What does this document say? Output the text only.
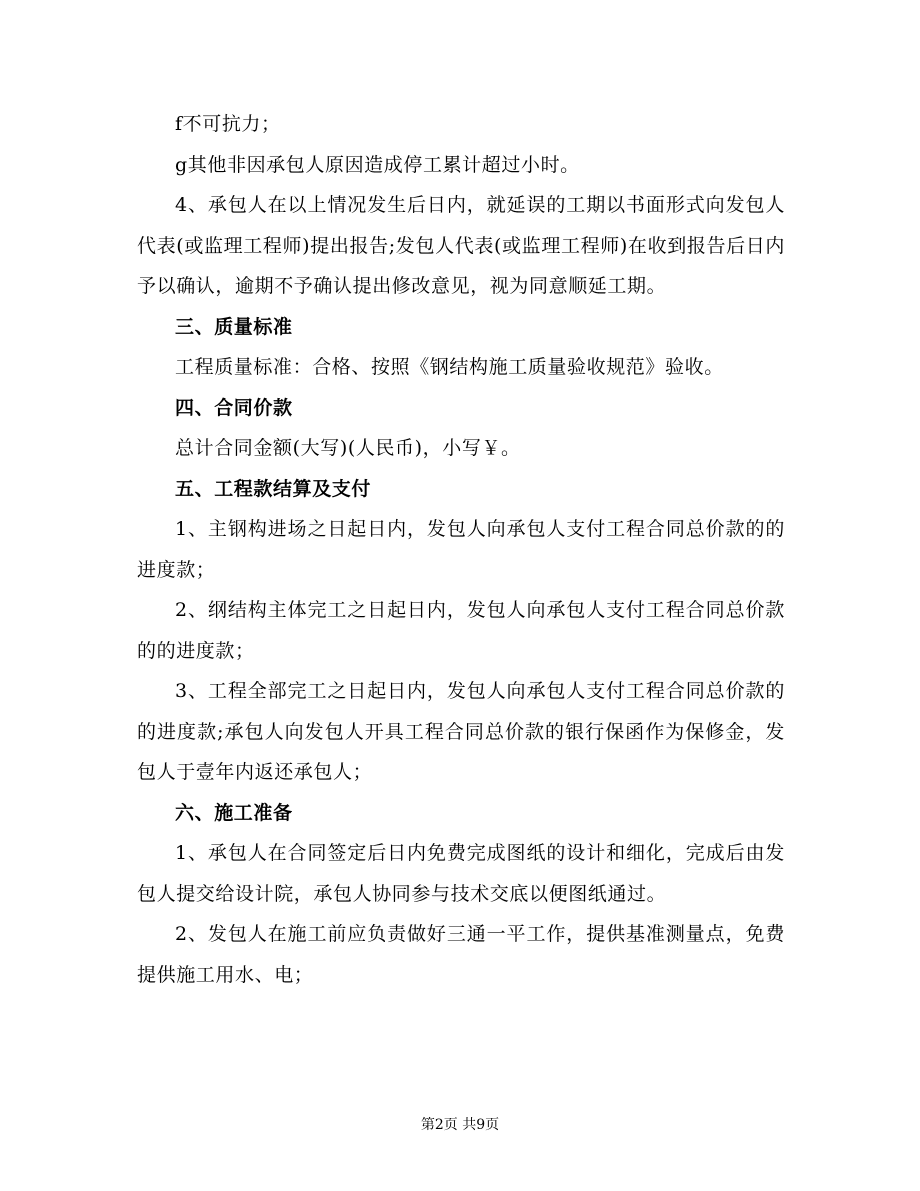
f不可抗力；

g其他非因承包人原因造成停工累计超过小时。

4、承包人在以上情况发生后日内，就延误的工期以书面形式向发包人代表(或监理工程师)提出报告;发包人代表(或监理工程师)在收到报告后日内予以确认，逾期不予确认提出修改意见，视为同意顺延工期。

三、质量标准

工程质量标准：合格、按照《钢结构施工质量验收规范》验收。

四、合同价款

总计合同金额(大写)(人民币)，小写￥。

五、工程款结算及支付

1、主钢构进场之日起日内，发包人向承包人支付工程合同总价款的的进度款；

2、纲结构主体完工之日起日内，发包人向承包人支付工程合同总价款的的进度款；

3、工程全部完工之日起日内，发包人向承包人支付工程合同总价款的的进度款;承包人向发包人开具工程合同总价款的银行保函作为保修金，发包人于壹年内返还承包人；

六、施工准备

1、承包人在合同签定后日内免费完成图纸的设计和细化，完成后由发包人提交给设计院，承包人协同参与技术交底以便图纸通过。

2、发包人在施工前应负责做好三通一平工作，提供基准测量点，免费提供施工用水、电；

第2页 共9页
